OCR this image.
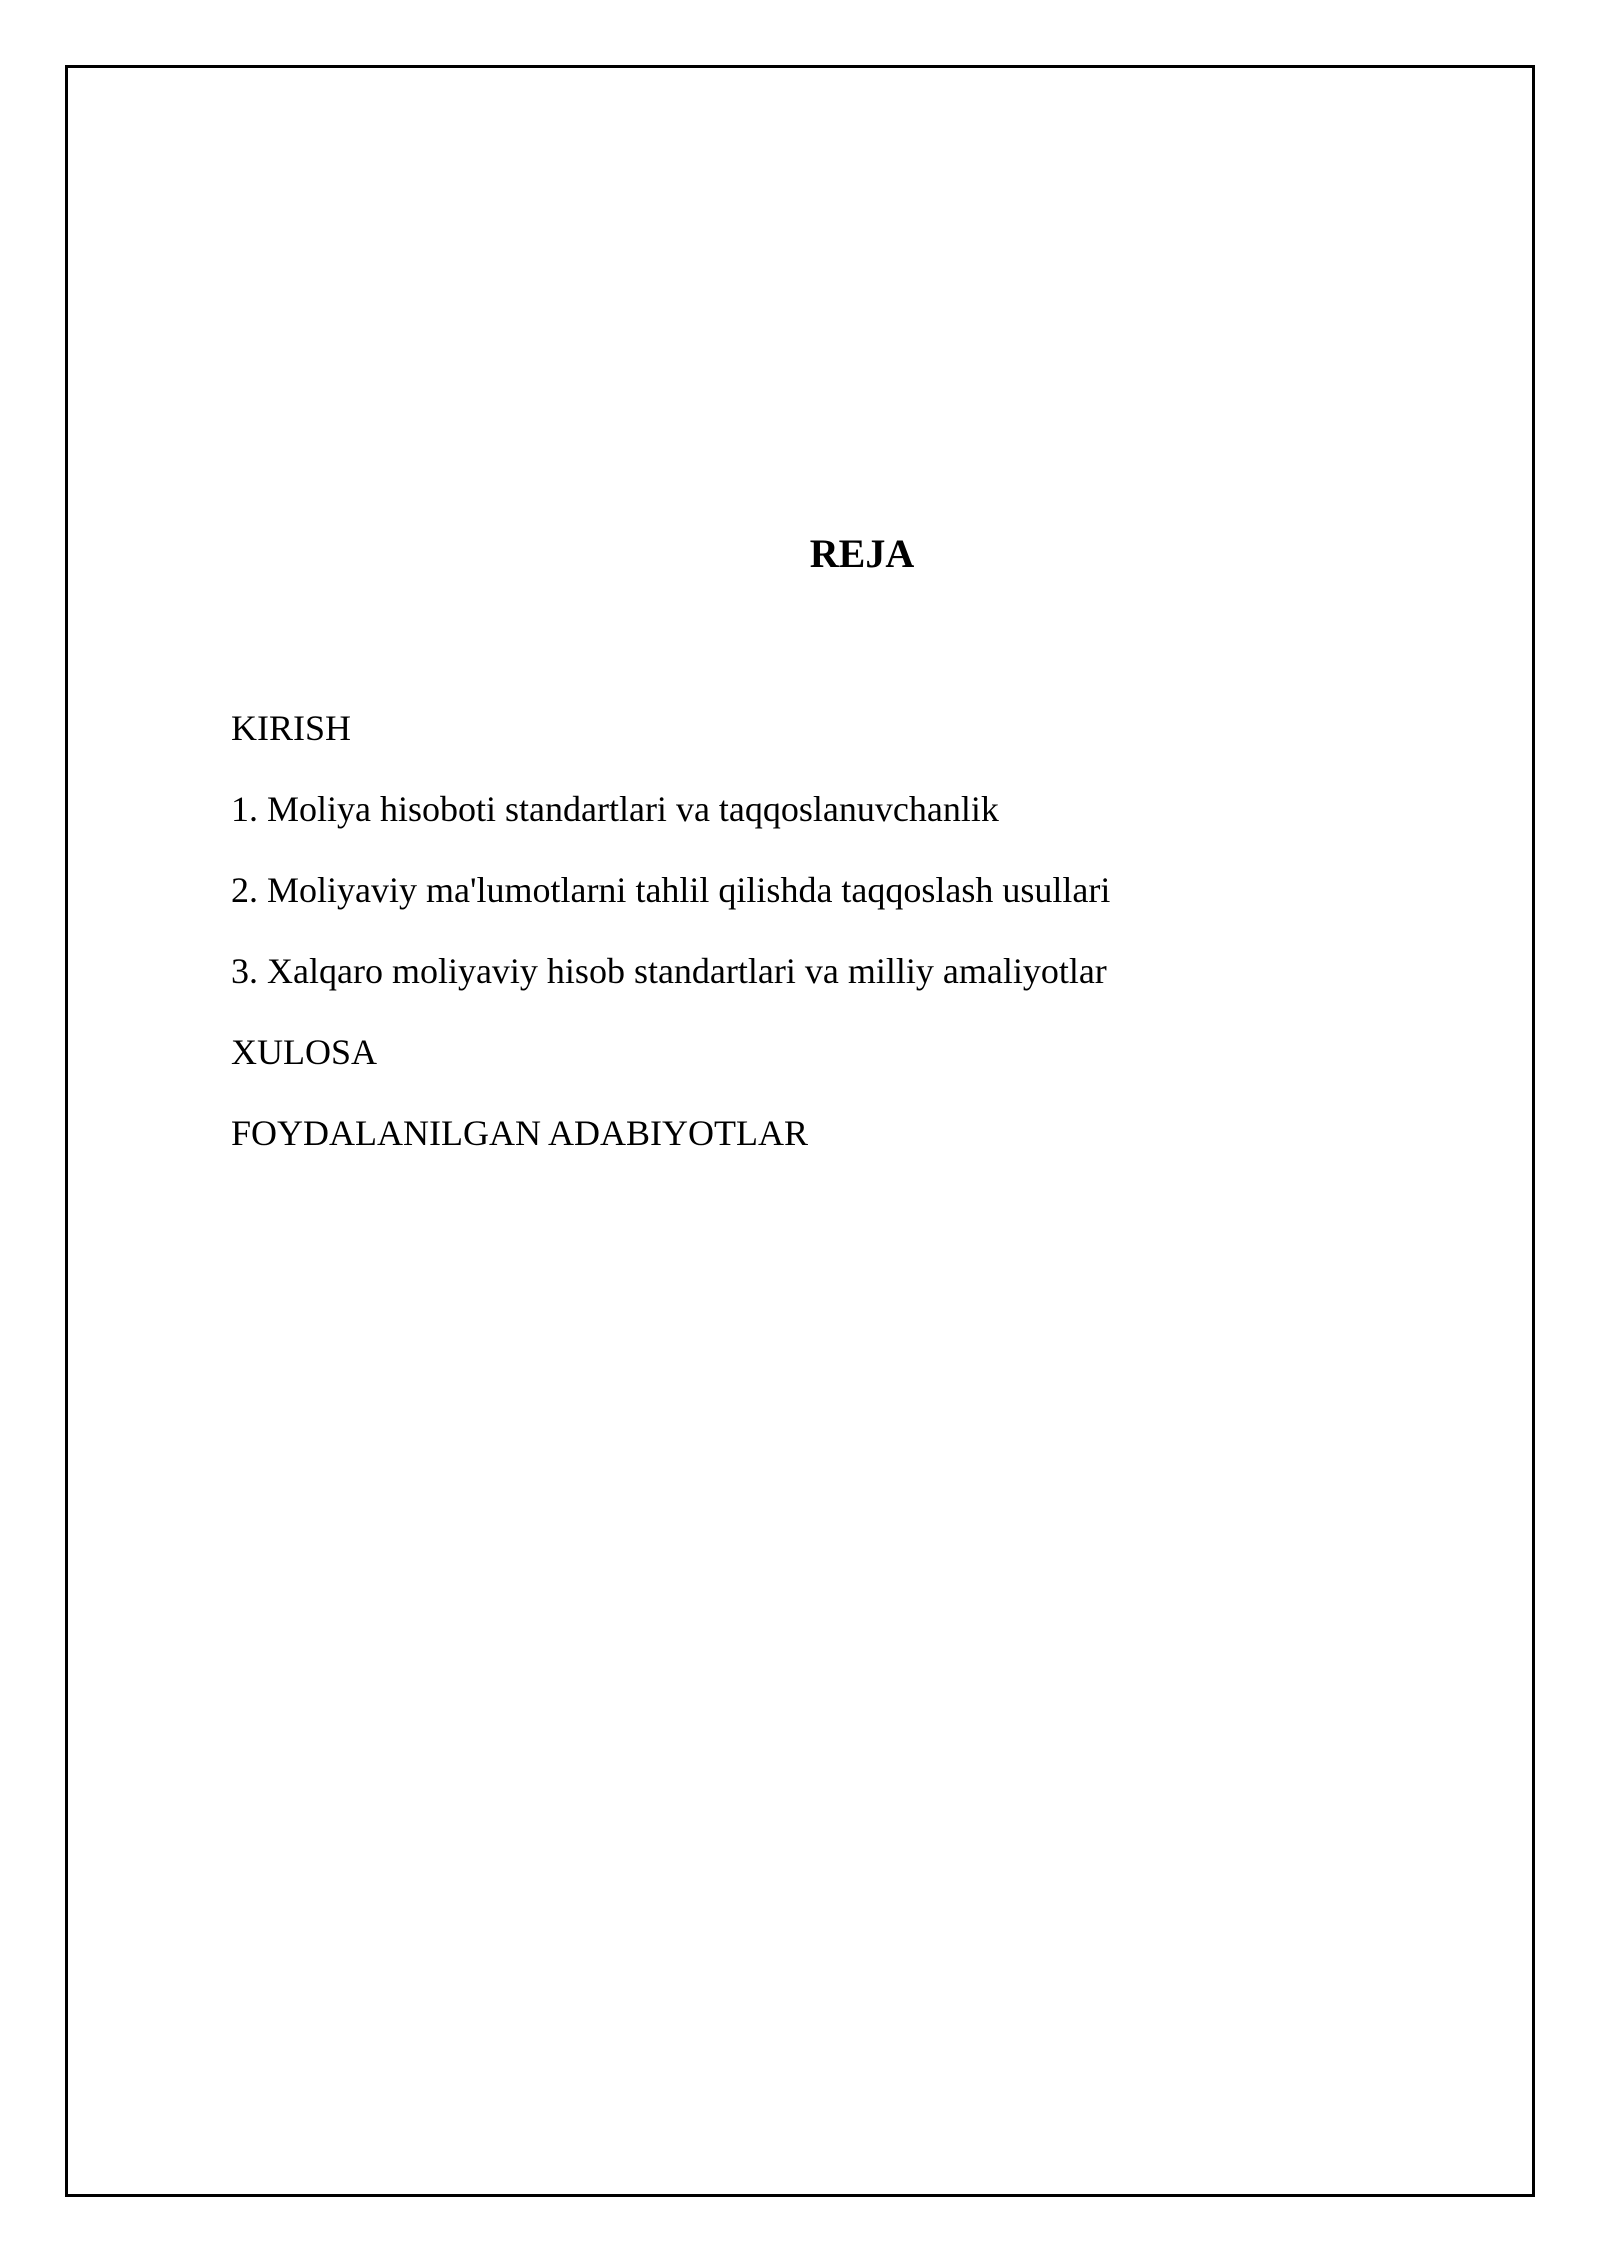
REJA
KIRISH
1. Moliya hisoboti standartlari va taqqoslanuvchanlik
2. Moliyaviy ma'lumotlarni tahlil qilishda taqqoslash usullari
3. Xalqaro moliyaviy hisob standartlari va milliy amaliyotlar
XULOSA
FOYDALANILGAN ADABIYOTLAR
